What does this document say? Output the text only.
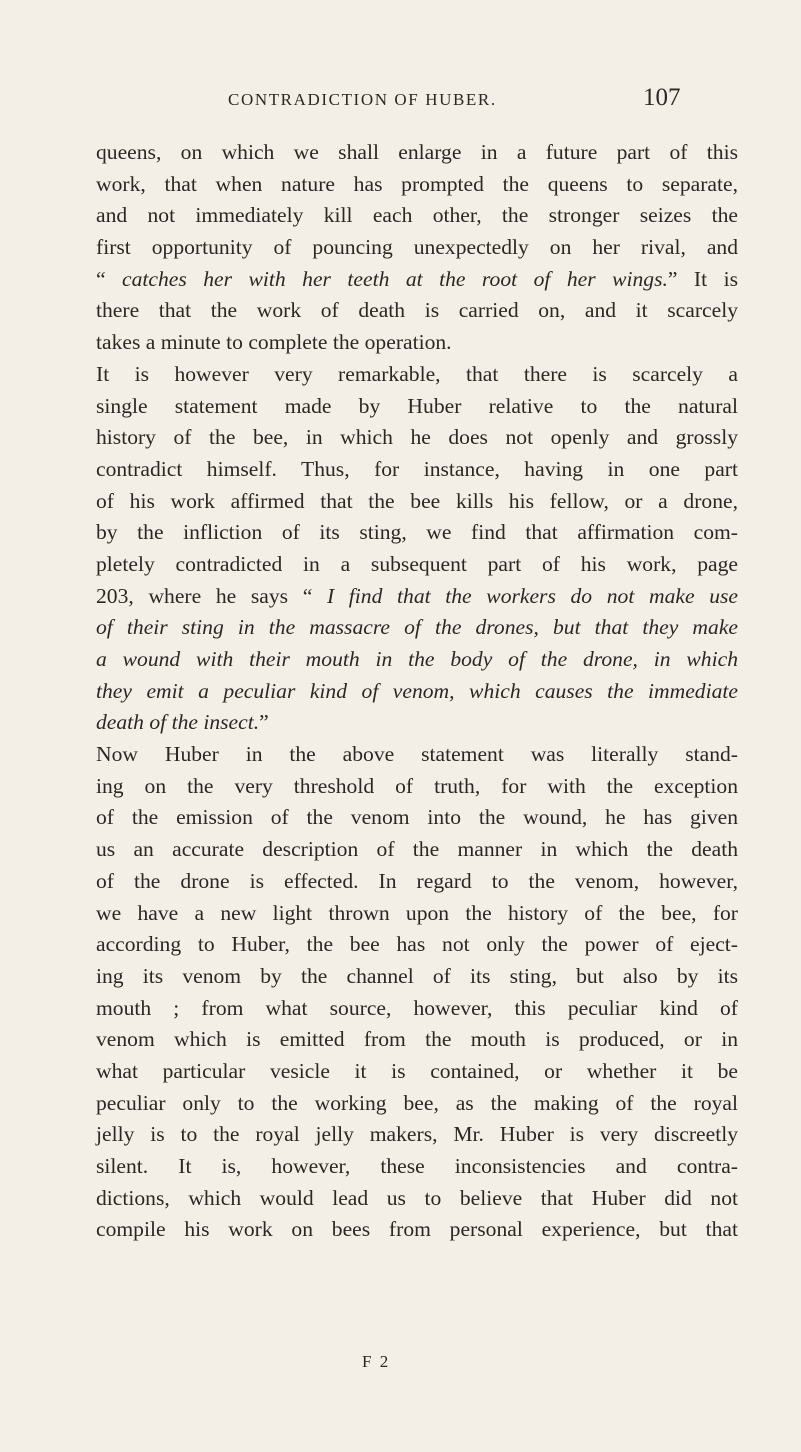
CONTRADICTION OF HUBER.	107
queens, on which we shall enlarge in a future part of this
work, that when nature has prompted the queens to separate,
and not immediately kill each other, the stronger seizes the
first opportunity of pouncing unexpectedly on her rival, and
“ catches her with her teeth at the root of her wings.” It is
there that the work of death is carried on, and it scarcely
takes a minute to complete the operation.
It is however very remarkable, that there is scarcely a
single statement made by Huber relative to the natural
history of the bee, in which he does not openly and grossly
contradict himself. Thus, for instance, having in one part
of his work affirmed that the bee kills his fellow, or a drone,
by the infliction of its sting, we find that affirmation com-
pletely contradicted in a subsequent part of his work, page
203, where he says “ I find that the workers do not make use
of their sting in the massacre of the drones, but that they make
a wound with their mouth in the body of the drone, in which
they emit a peculiar kind of venom, which causes the immediate
death of the insect.”
Now Huber in the above statement was literally stand-
ing on the very threshold of truth, for with the exception
of the emission of the venom into the wound, he has given
us an accurate description of the manner in which the death
of the drone is effected. In regard to the venom, however,
we have a new light thrown upon the history of the bee, for
according to Huber, the bee has not only the power of eject-
ing its venom by the channel of its sting, but also by its
mouth ; from what source, however, this peculiar kind of
venom which is emitted from the mouth is produced, or in
what particular vesicle it is contained, or whether it be
peculiar only to the working bee, as the making of the royal
jelly is to the royal jelly makers, Mr. Huber is very discreetly
silent. It is, however, these inconsistencies and contra-
dictions, which would lead us to believe that Huber did not
compile his work on bees from personal experience, but that
F 2
